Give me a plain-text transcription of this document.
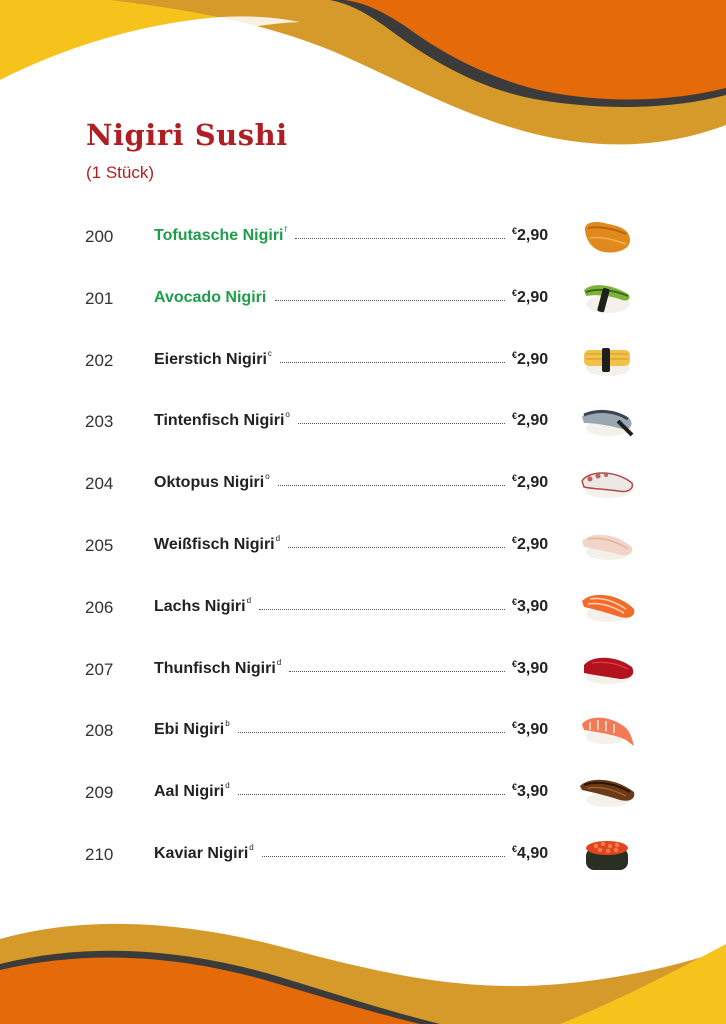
Nigiri Sushi
(1 Stück)
200	Tofutasche Nigiri$^f$	€2,90
201	Avocado Nigiri	€2,90
202	Eierstich Nigiri$^c$	€2,90
203	Tintenfisch Nigiri$^o$	€2,90
204	Oktopus Nigiri$^o$	€2,90
205	Weißfisch Nigiri$^d$	€2,90
206	Lachs Nigiri$^d$	€3,90
207	Thunfisch Nigiri$^d$	€3,90
208	Ebi Nigiri$^b$	€3,90
209	Aal Nigiri$^d$	€3,90
210	Kaviar Nigiri$^d$	€4,90
